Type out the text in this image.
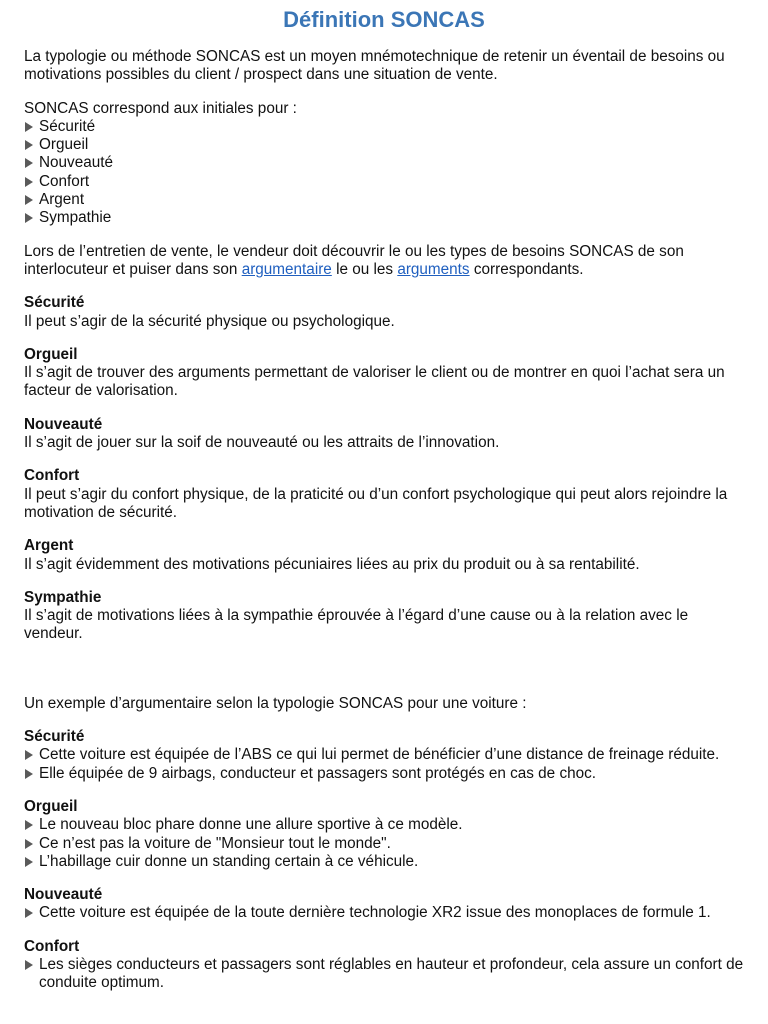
Définition SONCAS

La typologie ou méthode SONCAS est un moyen mnémotechnique de retenir un éventail de besoins ou motivations possibles du client / prospect dans une situation de vente.

SONCAS correspond aux initiales pour :

Sécurité
Orgueil
Nouveauté
Confort
Argent
Sympathie

Lors de l’entretien de vente, le vendeur doit découvrir le ou les types de besoins SONCAS de son interlocuteur et puiser dans son argumentaire le ou les arguments correspondants.

Sécurité

Il peut s’agir de la sécurité physique ou psychologique.

Orgueil

Il s’agit de trouver des arguments permettant de valoriser le client ou de montrer en quoi l’achat sera un facteur de valorisation.

Nouveauté

Il s’agit de jouer sur la soif de nouveauté ou les attraits de l’innovation.

Confort

Il peut s’agir du confort physique, de la praticité ou d’un confort psychologique qui peut alors rejoindre la motivation de sécurité.

Argent

Il s’agit évidemment des motivations pécuniaires liées au prix du produit ou à sa rentabilité.

Sympathie

Il s’agit de motivations liées à la sympathie éprouvée à l’égard d’une cause ou à la relation avec le vendeur.

Un exemple d’argumentaire selon la typologie SONCAS pour une voiture :

Sécurité

Cette voiture est équipée de l’ABS ce qui lui permet de bénéficier d’une distance de freinage réduite.
Elle équipée de 9 airbags, conducteur et passagers sont protégés en cas de choc.

Orgueil

Le nouveau bloc phare donne une allure sportive à ce modèle.
Ce n’est pas la voiture de "Monsieur tout le monde".
L’habillage cuir donne un standing certain à ce véhicule.

Nouveauté

Cette voiture est équipée de la toute dernière technologie XR2 issue des monoplaces de formule 1.

Confort

Les sièges conducteurs et passagers sont réglables en hauteur et profondeur, cela assure un confort de conduite optimum.
